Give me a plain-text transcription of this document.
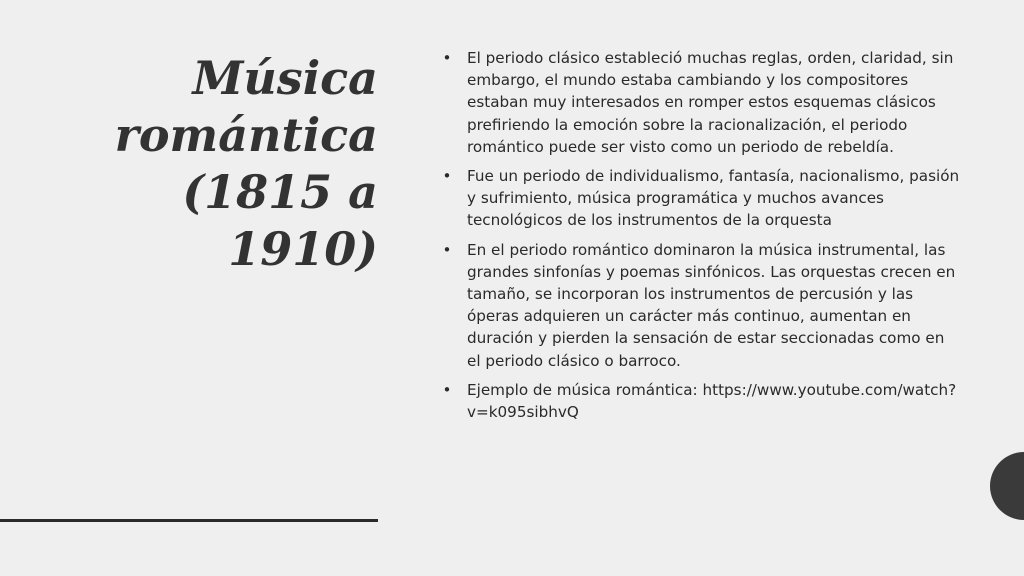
Música
romántica
(1815 a
1910)
• El periodo clásico estableció muchas reglas, orden, claridad, sin embargo, el mundo estaba cambiando y los compositores estaban muy interesados en romper estos esquemas clásicos prefiriendo la emoción sobre la racionalización, el periodo romántico puede ser visto como un periodo de rebeldía.
• Fue un periodo de individualismo, fantasía, nacionalismo, pasión y sufrimiento, música programática y muchos avances tecnológicos de los instrumentos de la orquesta
• En el periodo romántico dominaron la música instrumental, las grandes sinfonías y poemas sinfónicos. Las orquestas crecen en tamaño, se incorporan los instrumentos de percusión y las óperas adquieren un carácter más continuo, aumentan en duración y pierden la sensación de estar seccionadas como en el periodo clásico o barroco.
• Ejemplo de música romántica: https://www.youtube.com/watch?v=k095sibhvQ
